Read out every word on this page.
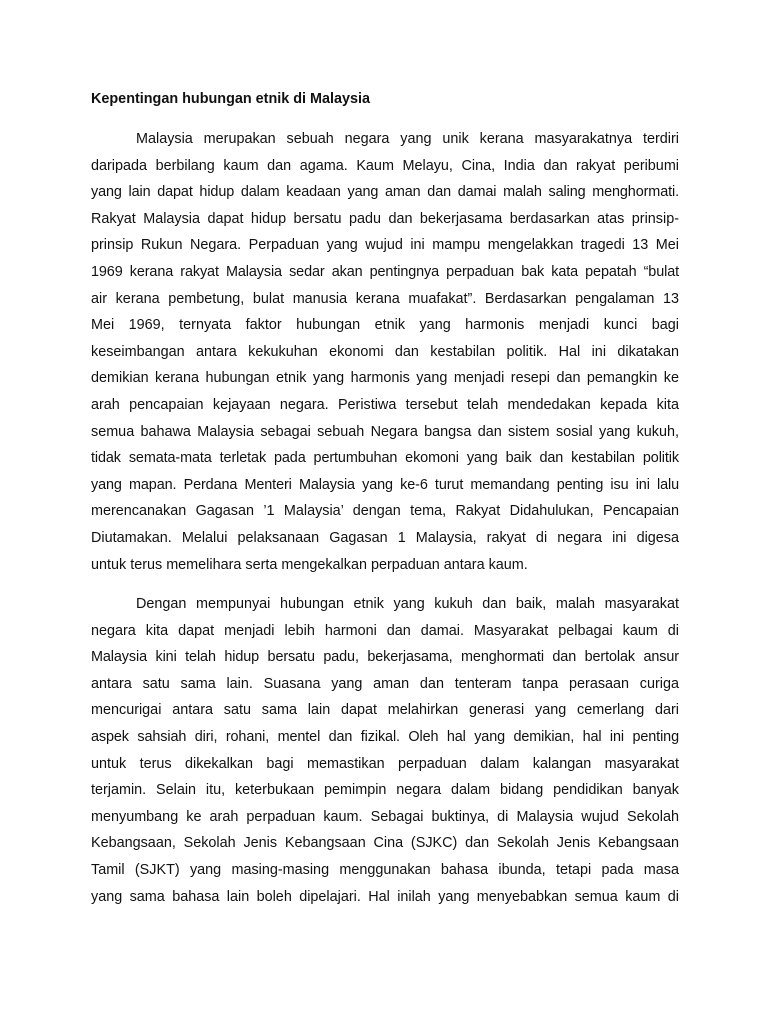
Kepentingan hubungan etnik di Malaysia

Malaysia merupakan sebuah negara yang unik kerana masyarakatnya terdiri
daripada berbilang kaum dan agama. Kaum Melayu, Cina, India dan rakyat peribumi
yang lain dapat hidup dalam keadaan yang aman dan damai malah saling menghormati.
Rakyat Malaysia dapat hidup bersatu padu dan bekerjasama berdasarkan atas prinsip-
prinsip Rukun Negara. Perpaduan yang wujud ini mampu mengelakkan tragedi 13 Mei
1969 kerana rakyat Malaysia sedar akan pentingnya perpaduan bak kata pepatah “bulat
air kerana pembetung, bulat manusia kerana muafakat”. Berdasarkan pengalaman 13
Mei 1969, ternyata faktor hubungan etnik yang harmonis menjadi kunci bagi
keseimbangan antara kekukuhan ekonomi dan kestabilan politik. Hal ini dikatakan
demikian kerana hubungan etnik yang harmonis yang menjadi resepi dan pemangkin ke
arah pencapaian kejayaan negara. Peristiwa tersebut telah mendedakan kepada kita
semua bahawa Malaysia sebagai sebuah Negara bangsa dan sistem sosial yang kukuh,
tidak semata-mata terletak pada pertumbuhan ekomoni yang baik dan kestabilan politik
yang mapan. Perdana Menteri Malaysia yang ke-6 turut memandang penting isu ini lalu
merencanakan Gagasan ’1 Malaysia’ dengan tema, Rakyat Didahulukan, Pencapaian
Diutamakan. Melalui pelaksanaan Gagasan 1 Malaysia, rakyat di negara ini digesa
untuk terus memelihara serta mengekalkan perpaduan antara kaum.

Dengan mempunyai hubungan etnik yang kukuh dan baik, malah masyarakat
negara kita dapat menjadi lebih harmoni dan damai. Masyarakat pelbagai kaum di
Malaysia kini telah hidup bersatu padu, bekerjasama, menghormati dan bertolak ansur
antara satu sama lain. Suasana yang aman dan tenteram tanpa perasaan curiga
mencurigai antara satu sama lain dapat melahirkan generasi yang cemerlang dari
aspek sahsiah diri, rohani, mentel dan fizikal. Oleh hal yang demikian, hal ini penting
untuk terus dikekalkan bagi memastikan perpaduan dalam kalangan masyarakat
terjamin. Selain itu, keterbukaan pemimpin negara dalam bidang pendidikan banyak
menyumbang ke arah perpaduan kaum. Sebagai buktinya, di Malaysia wujud Sekolah
Kebangsaan, Sekolah Jenis Kebangsaan Cina (SJKC) dan Sekolah Jenis Kebangsaan
Tamil (SJKT) yang masing-masing menggunakan bahasa ibunda, tetapi pada masa
yang sama bahasa lain boleh dipelajari. Hal inilah yang menyebabkan semua kaum di
